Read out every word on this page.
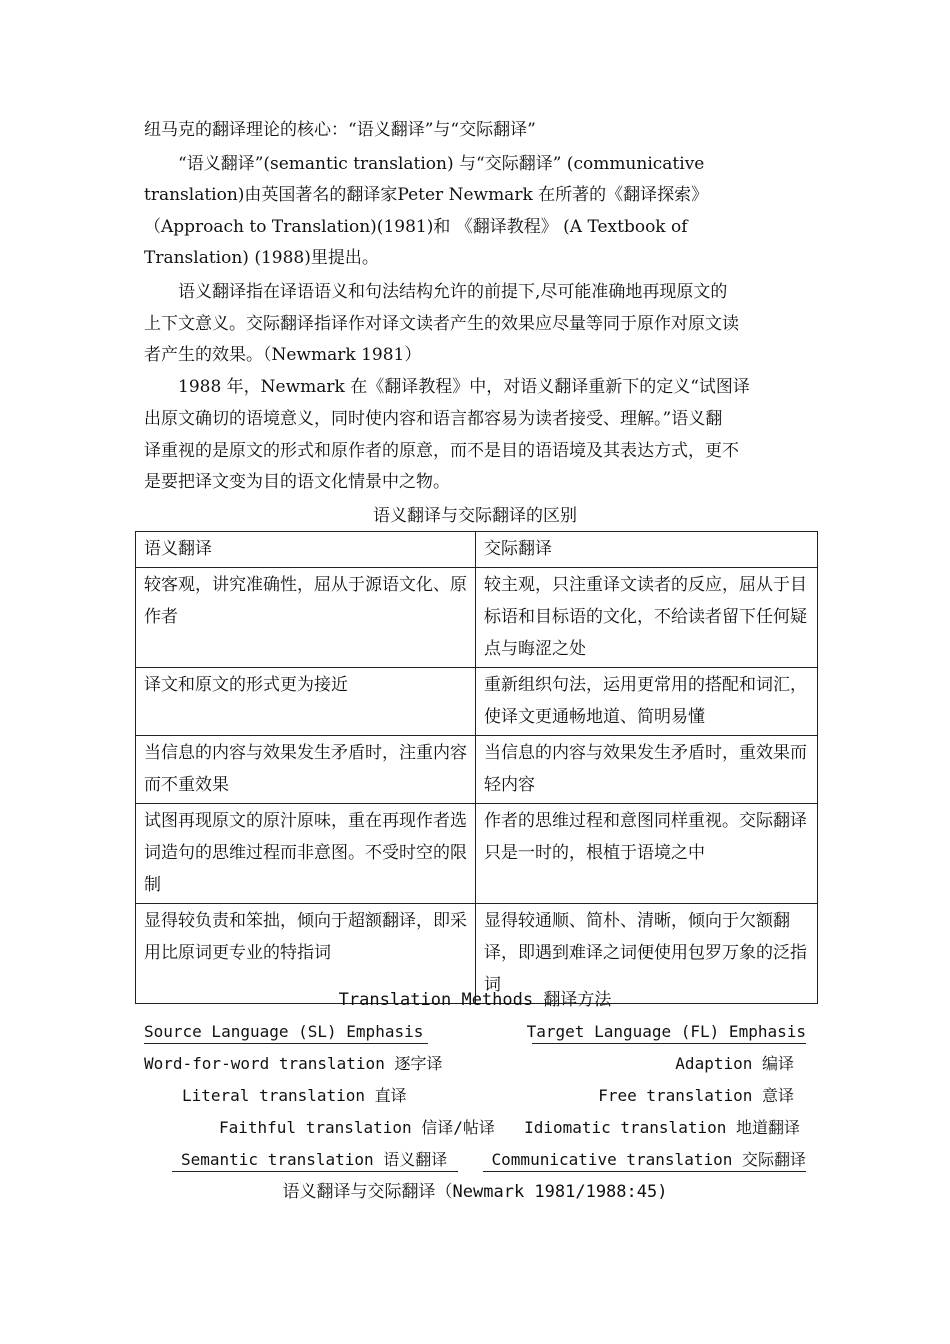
纽马克的翻译理论的核心：“语义翻译”与“交际翻译”
　　“语义翻译”(semantic translation) 与“交际翻译” (communicative
translation)由英国著名的翻译家Peter Newmark 在所著的《翻译探索》
（Approach to Translation)(1981)和 《翻译教程》 (A Textbook of
Translation) (1988)里提出。
　　语义翻译指在译语语义和句法结构允许的前提下,尽可能准确地再现原文的
上下文意义。交际翻译指译作对译文读者产生的效果应尽量等同于原作对原文读
者产生的效果。（Newmark 1981）
　　1988 年，Newmark 在《翻译教程》中，对语义翻译重新下的定义“试图译
出原文确切的语境意义，同时使内容和语言都容易为读者接受、理解。”语义翻
译重视的是原文的形式和原作者的原意，而不是目的语语境及其表达方式，更不
是要把译文变为目的语文化情景中之物。
语义翻译与交际翻译的区别
语义翻译	交际翻译
较客观，讲究准确性，屈从于源语文化、原作者	较主观，只注重译文读者的反应，屈从于目标语和目标语的文化，不给读者留下任何疑点与晦涩之处
译文和原文的形式更为接近	重新组织句法，运用更常用的搭配和词汇，使译文更通畅地道、简明易懂
当信息的内容与效果发生矛盾时，注重内容而不重效果	当信息的内容与效果发生矛盾时，重效果而轻内容
试图再现原文的原汁原味，重在再现作者选词造句的思维过程而非意图。不受时空的限制	作者的思维过程和意图同样重视。交际翻译只是一时的，根植于语境之中
显得较负责和笨拙，倾向于超额翻译，即采用比原词更专业的特指词	显得较通顺、简朴、清晰，倾向于欠额翻译，即遇到难译之词便使用包罗万象的泛指词
Translation Methods 翻译方法
Source Language (SL) Emphasis	Target Language (FL) Emphasis
Word-for-word translation 逐字译	Adaption 编译
Literal translation 直译	Free translation 意译
Faithful translation 信译/帖译 Idiomatic translation 地道翻译
Semantic translation 语义翻译	Communicative translation 交际翻译
语义翻译与交际翻译（Newmark 1981/1988:45)
